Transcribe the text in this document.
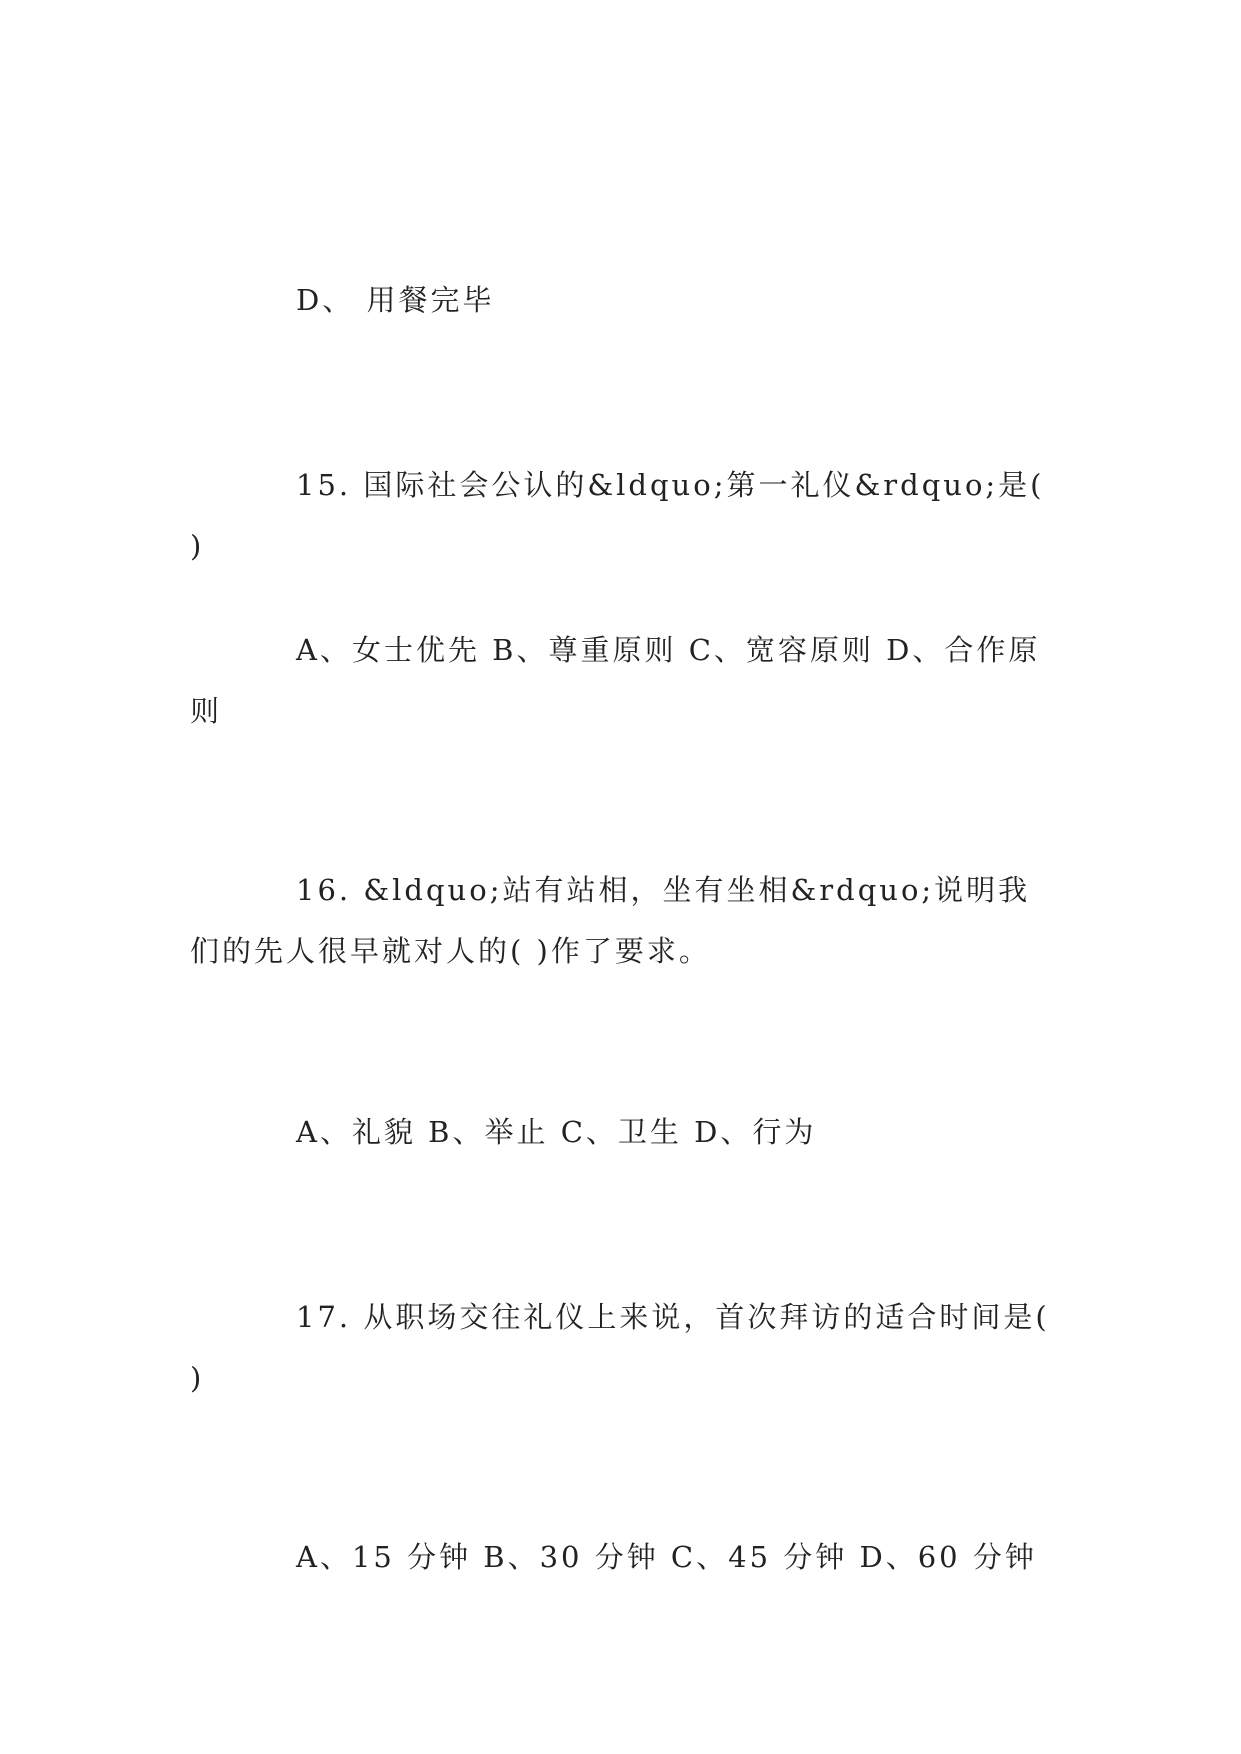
D、 用餐完毕

15. 国际社会公认的&ldquo;第一礼仪&rdquo;是( )

A、女士优先 B、尊重原则 C、宽容原则 D、合作原则

16. &ldquo;站有站相，坐有坐相&rdquo;说明我们的先人很早就对人的( )作了要求。

A、礼貌 B、举止 C、卫生 D、行为

17. 从职场交往礼仪上来说，首次拜访的适合时间是( )

A、15 分钟 B、30 分钟 C、45 分钟 D、60 分钟
